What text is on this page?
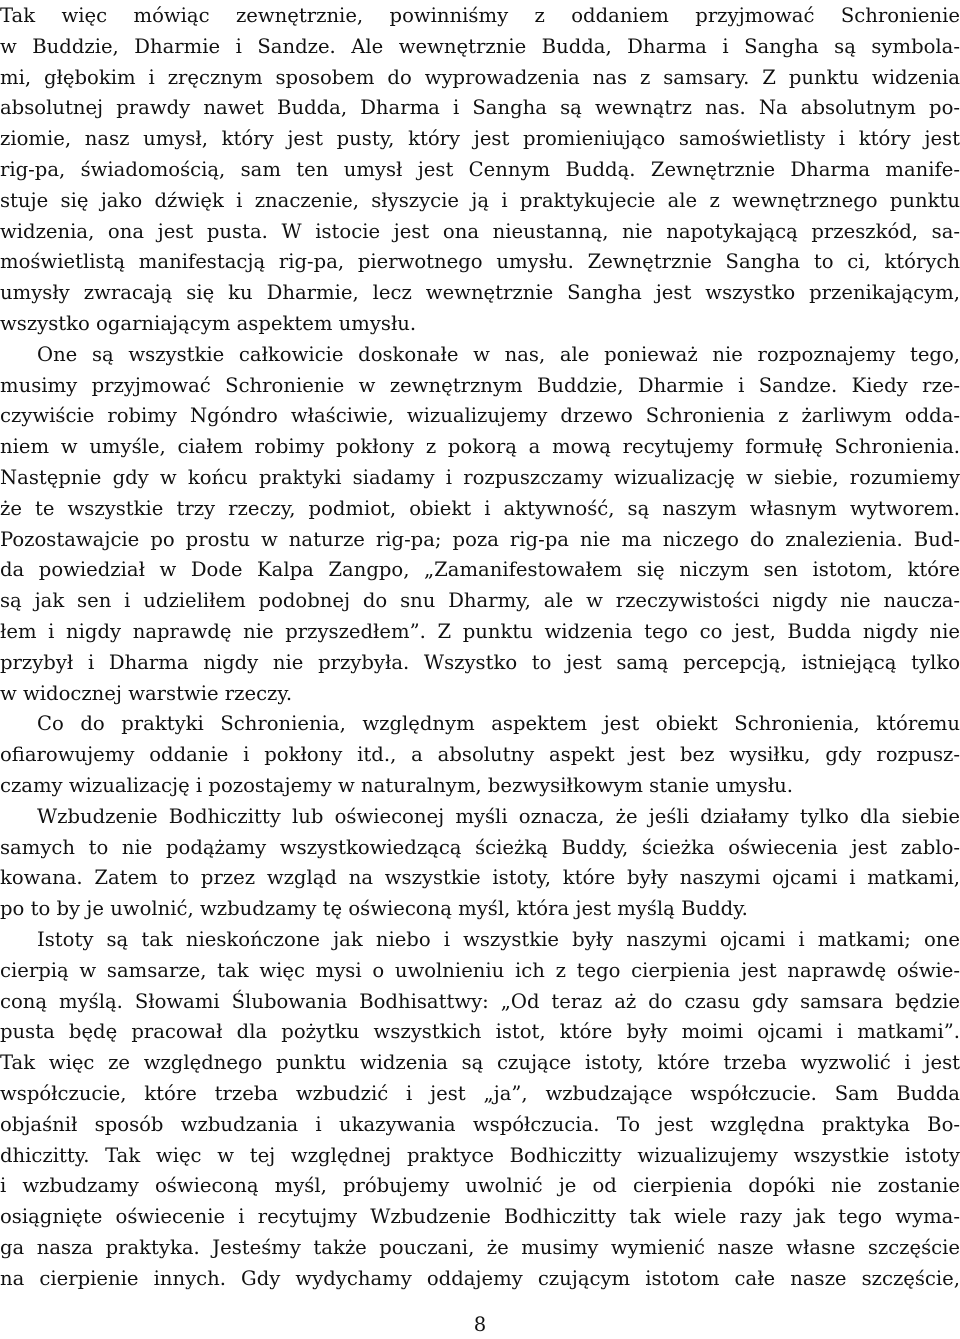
Tak więc mówiąc zewnętrznie, powinniśmy z oddaniem przyjmować Schronienie
w Buddzie, Dharmie i Sandze. Ale wewnętrznie Budda, Dharma i Sangha są symbola-
mi, głębokim i zręcznym sposobem do wyprowadzenia nas z samsary. Z punktu widzenia
absolutnej prawdy nawet Budda, Dharma i Sangha są wewnątrz nas. Na absolutnym po-
ziomie, nasz umysł, który jest pusty, który jest promieniująco samoświetlisty i który jest
rig-pa, świadomością, sam ten umysł jest Cennym Buddą. Zewnętrznie Dharma manife-
stuje się jako dźwięk i znaczenie, słyszycie ją i praktykujecie ale z wewnętrznego punktu
widzenia, ona jest pusta. W istocie jest ona nieustanną, nie napotykającą przeszkód, sa-
moświetlistą manifestacją rig-pa, pierwotnego umysłu. Zewnętrznie Sangha to ci, których
umysły zwracają się ku Dharmie, lecz wewnętrznie Sangha jest wszystko przenikającym,
wszystko ogarniającym aspektem umysłu.
One są wszystkie całkowicie doskonałe w nas, ale ponieważ nie rozpoznajemy tego,
musimy przyjmować Schronienie w zewnętrznym Buddzie, Dharmie i Sandze. Kiedy rze-
czywiście robimy Ngóndro właściwie, wizualizujemy drzewo Schronienia z żarliwym odda-
niem w umyśle, ciałem robimy pokłony z pokorą a mową recytujemy formułę Schronienia.
Następnie gdy w końcu praktyki siadamy i rozpuszczamy wizualizację w siebie, rozumiemy
że te wszystkie trzy rzeczy, podmiot, obiekt i aktywność, są naszym własnym wytworem.
Pozostawajcie po prostu w naturze rig-pa; poza rig-pa nie ma niczego do znalezienia. Bud-
da powiedział w Dode Kalpa Zangpo, „Zamanifestowałem się niczym sen istotom, które
są jak sen i udzieliłem podobnej do snu Dharmy, ale w rzeczywistości nigdy nie naucza-
łem i nigdy naprawdę nie przyszedłem”. Z punktu widzenia tego co jest, Budda nigdy nie
przybył i Dharma nigdy nie przybyła. Wszystko to jest samą percepcją, istniejącą tylko
w widocznej warstwie rzeczy.
Co do praktyki Schronienia, względnym aspektem jest obiekt Schronienia, któremu
ofiarowujemy oddanie i pokłony itd., a absolutny aspekt jest bez wysiłku, gdy rozpusz-
czamy wizualizację i pozostajemy w naturalnym, bezwysiłkowym stanie umysłu.
Wzbudzenie Bodhiczitty lub oświeconej myśli oznacza, że jeśli działamy tylko dla siebie
samych to nie podążamy wszystkowiedzącą ścieżką Buddy, ścieżka oświecenia jest zablo-
kowana. Zatem to przez wzgląd na wszystkie istoty, które były naszymi ojcami i matkami,
po to by je uwolnić, wzbudzamy tę oświeconą myśl, która jest myślą Buddy.
Istoty są tak nieskończone jak niebo i wszystkie były naszymi ojcami i matkami; one
cierpią w samsarze, tak więc mysi o uwolnieniu ich z tego cierpienia jest naprawdę oświe-
coną myślą. Słowami Ślubowania Bodhisattwy: „Od teraz aż do czasu gdy samsara będzie
pusta będę pracował dla pożytku wszystkich istot, które były moimi ojcami i matkami”.
Tak więc ze względnego punktu widzenia są czujące istoty, które trzeba wyzwolić i jest
współczucie, które trzeba wzbudzić i jest „ja”, wzbudzające współczucie. Sam Budda
objaśnił sposób wzbudzania i ukazywania współczucia. To jest względna praktyka Bo-
dhiczitty. Tak więc w tej względnej praktyce Bodhiczitty wizualizujemy wszystkie istoty
i wzbudzamy oświeconą myśl, próbujemy uwolnić je od cierpienia dopóki nie zostanie
osiągnięte oświecenie i recytujmy Wzbudzenie Bodhiczitty tak wiele razy jak tego wyma-
ga nasza praktyka. Jesteśmy także pouczani, że musimy wymienić nasze własne szczęście
na cierpienie innych. Gdy wydychamy oddajemy czującym istotom całe nasze szczęście,
8
